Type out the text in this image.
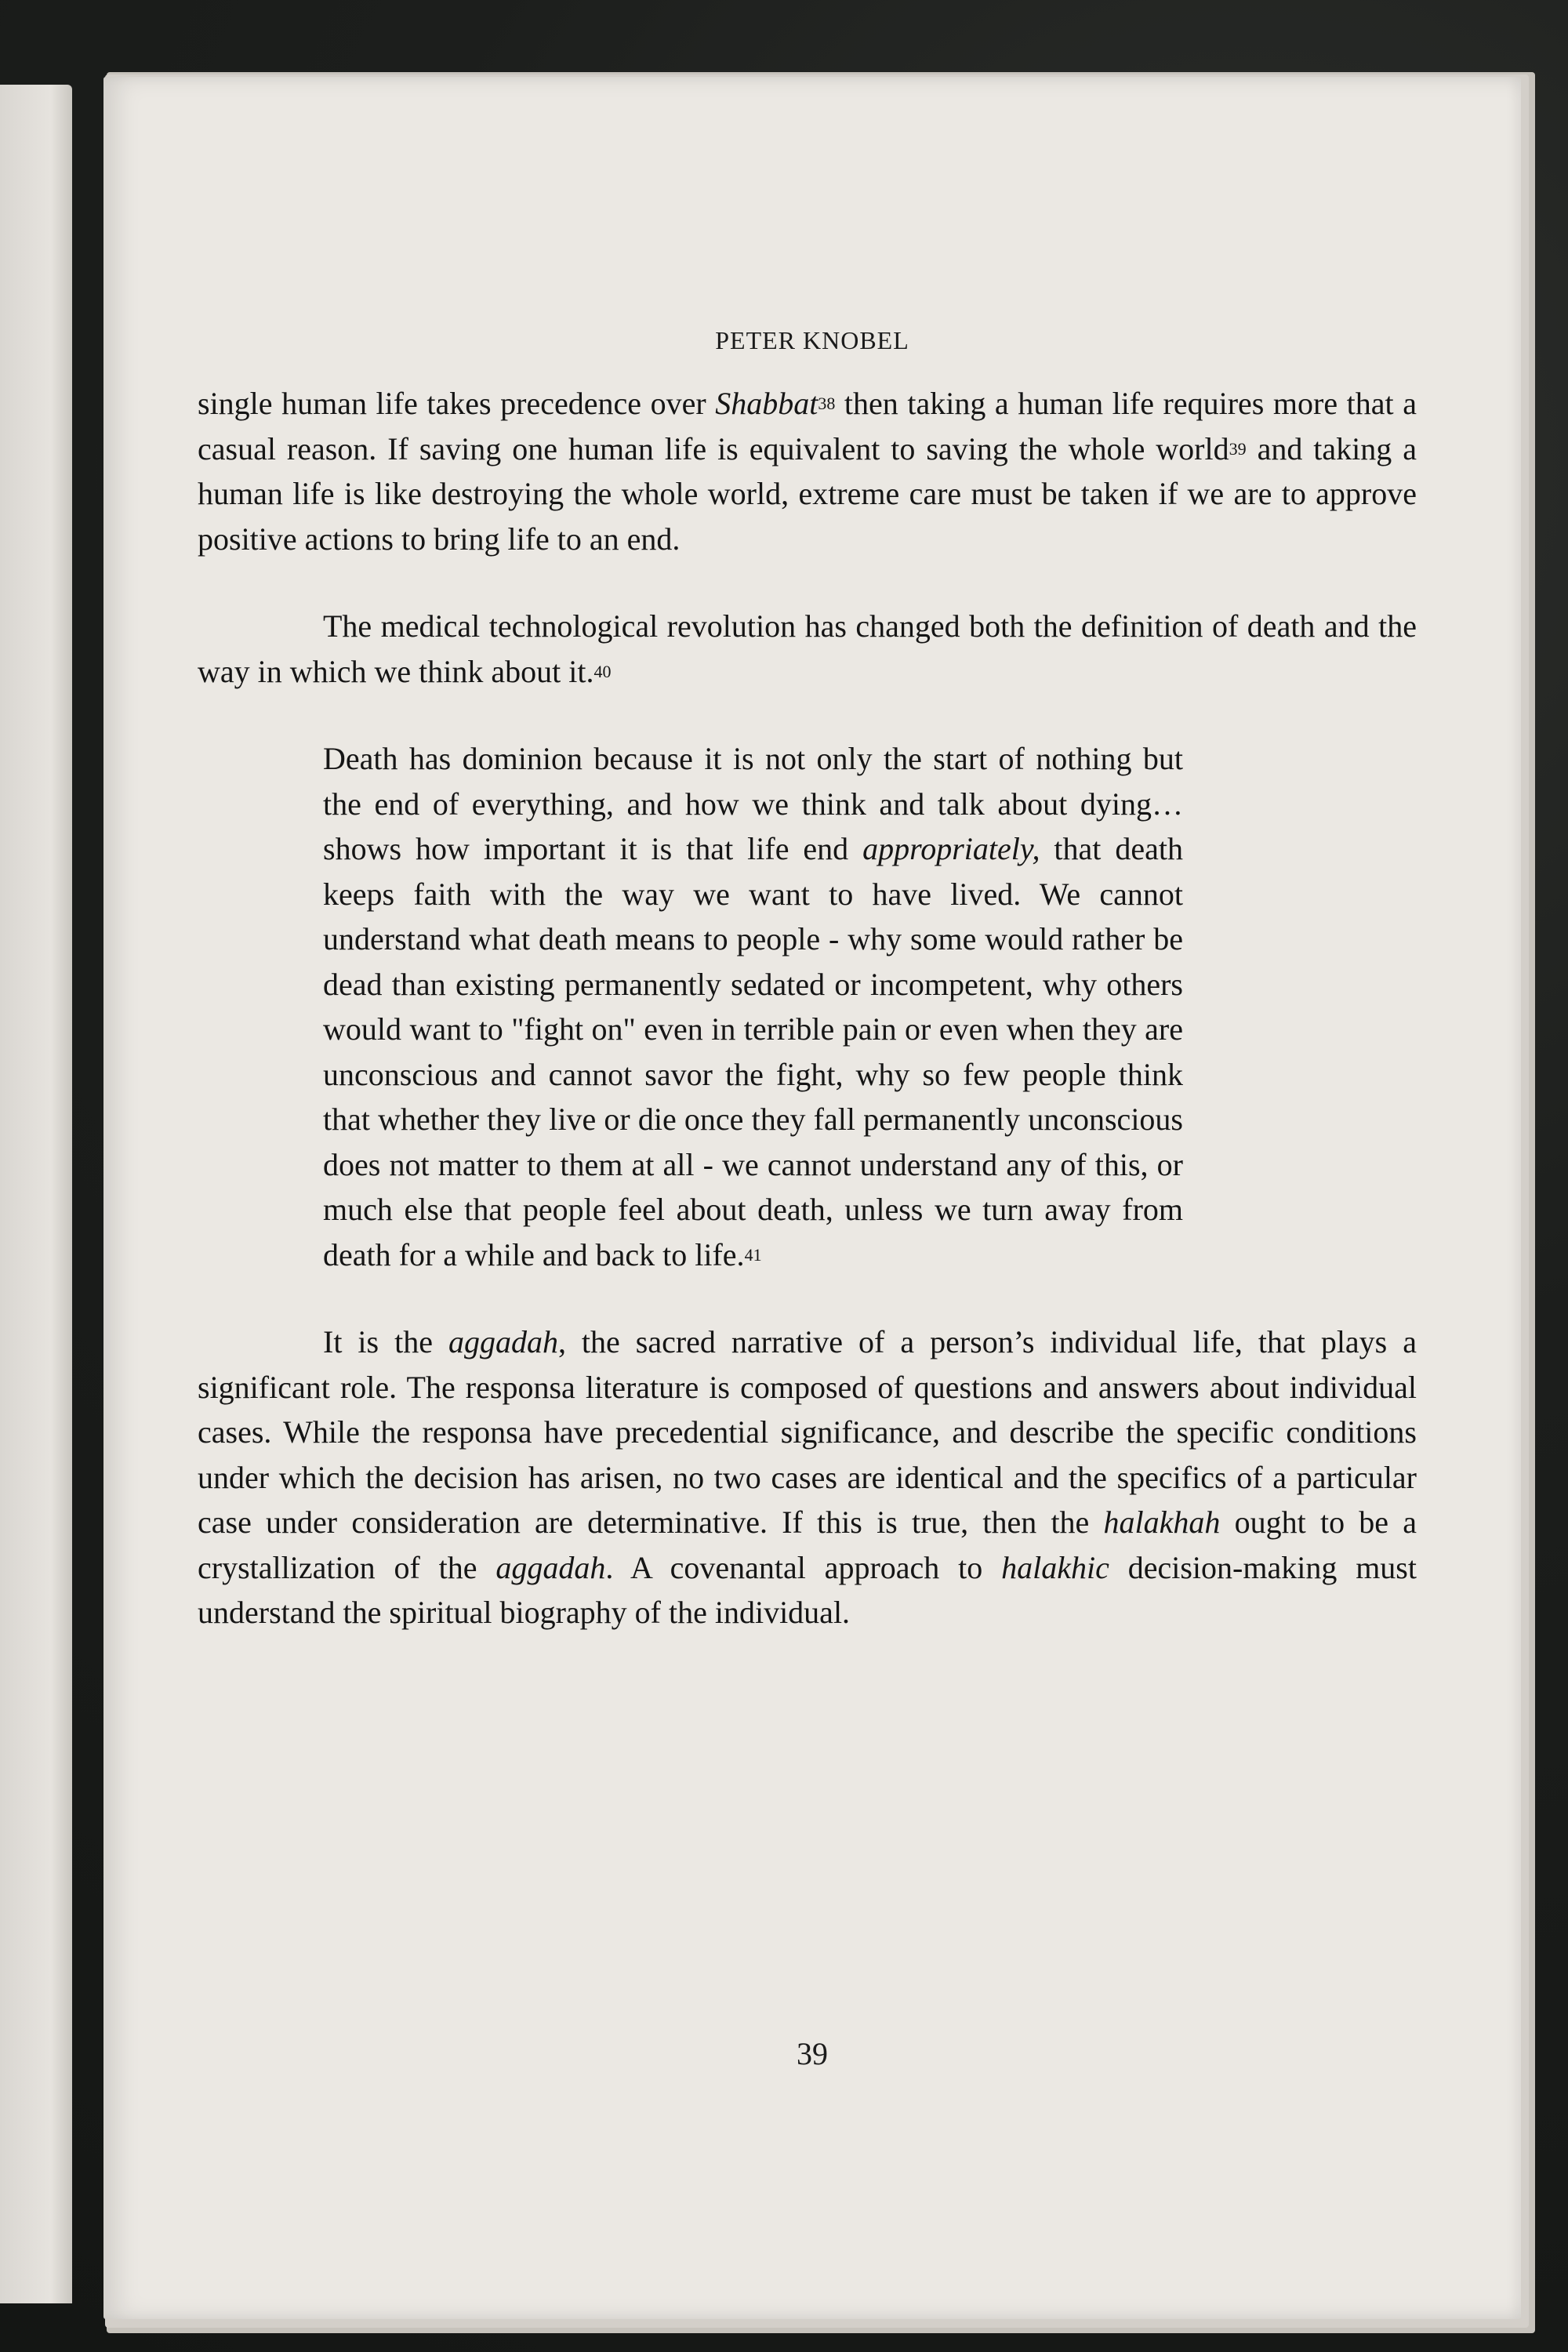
PETER KNOBEL

single human life takes precedence over Shabbat$^{38}$ then taking a human life requires more that a casual reason. If saving one human life is equivalent to saving the whole world$^{39}$ and taking a human life is like destroying the whole world, extreme care must be taken if we are to approve positive actions to bring life to an end.

The medical technological revolution has changed both the definition of death and the way in which we think about it.$^{40}$

Death has dominion because it is not only the start of nothing but the end of everything, and how we think and talk about dying… shows how important it is that life end appropriately, that death keeps faith with the way we want to have lived. We cannot understand what death means to people - why some would rather be dead than existing permanently sedated or incompetent, why others would want to "fight on" even in terrible pain or even when they are unconscious and cannot savor the fight, why so few people think that whether they live or die once they fall permanently unconscious does not matter to them at all - we cannot understand any of this, or much else that people feel about death, unless we turn away from death for a while and back to life.$^{41}$

It is the aggadah, the sacred narrative of a person’s individual life, that plays a significant role. The responsa literature is composed of questions and answers about individual cases. While the responsa have precedential significance, and describe the specific conditions under which the decision has arisen, no two cases are identical and the specifics of a particular case under consideration are determinative. If this is true, then the halakhah ought to be a crystallization of the aggadah. A covenantal approach to halakhic decision-making must understand the spiritual biography of the individual.

39
